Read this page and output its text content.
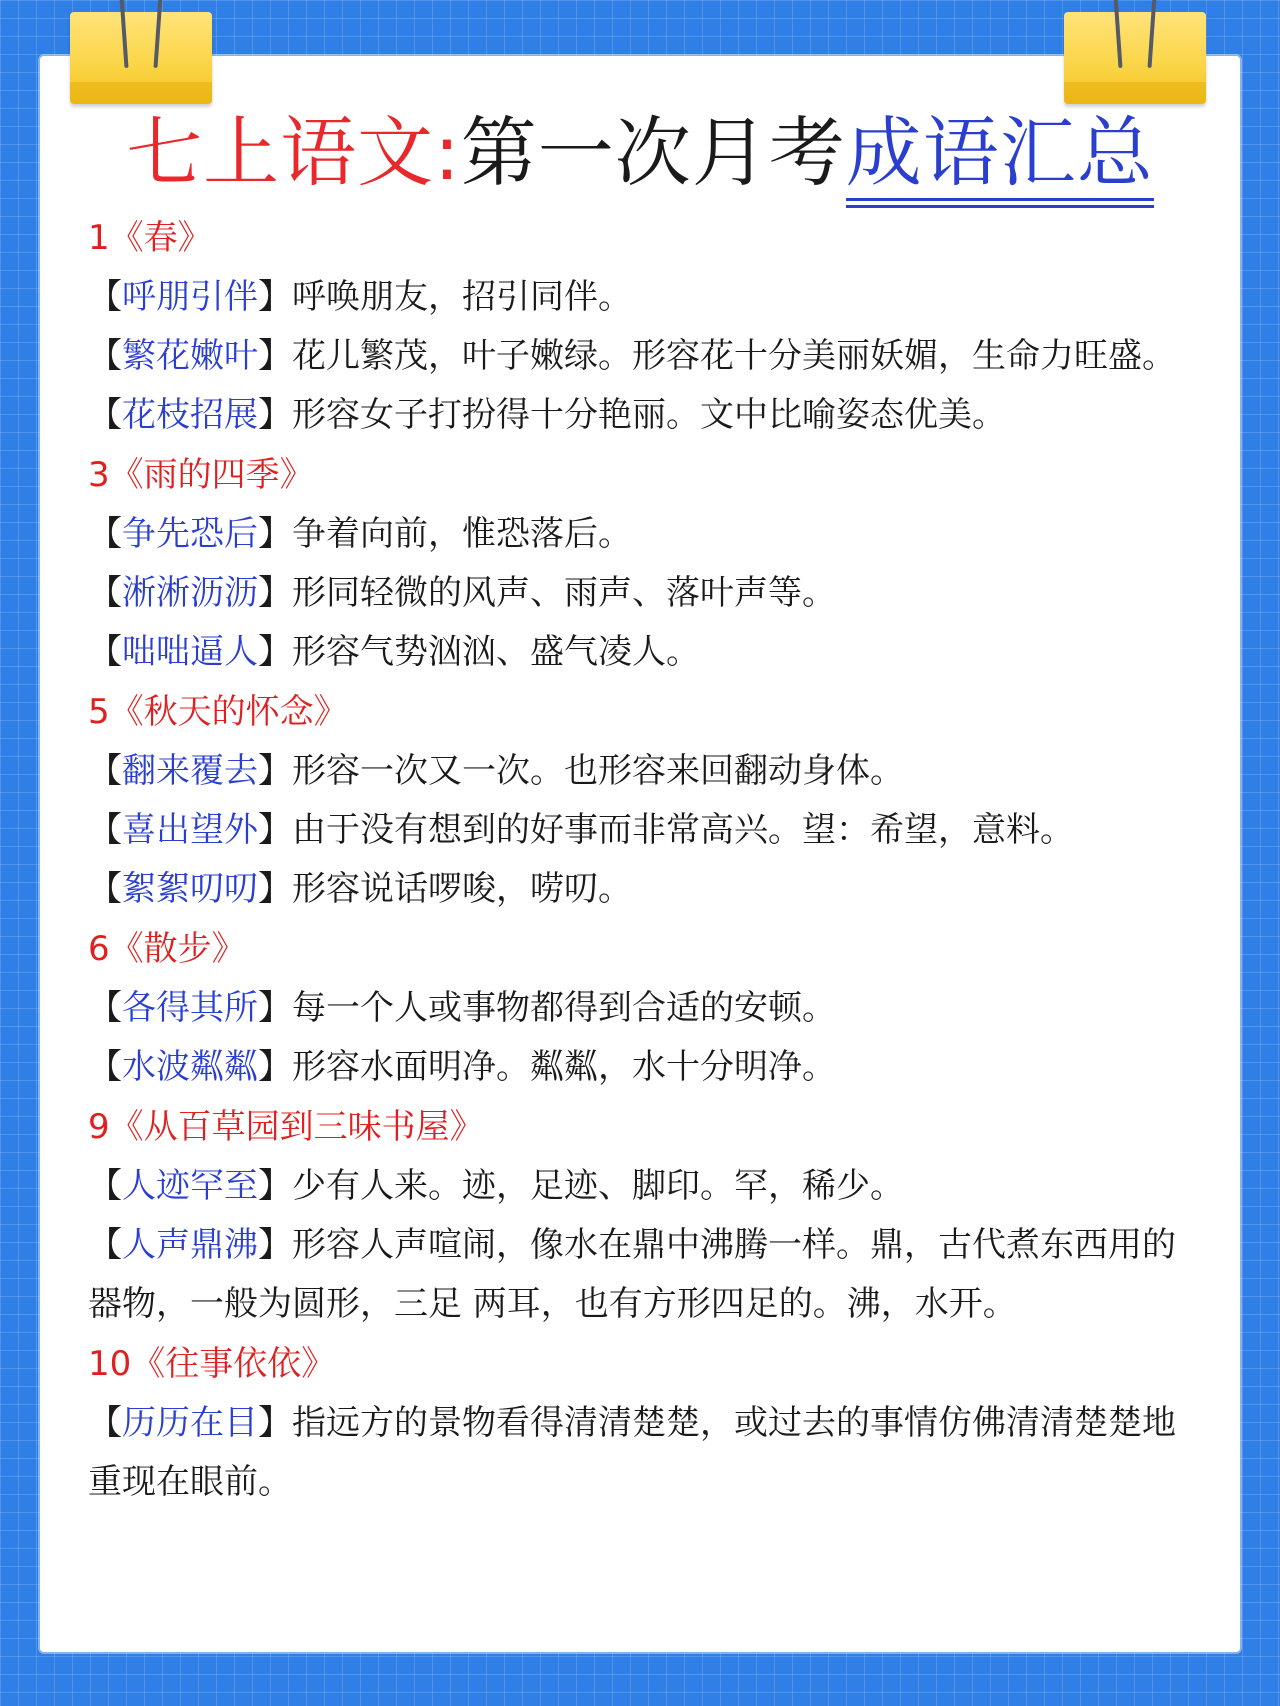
七上语文:第一次月考成语汇总
1《春》
【呼朋引伴】呼唤朋友，招引同伴。
【繁花嫩叶】花儿繁茂，叶子嫩绿。形容花十分美丽妖媚，生命力旺盛。
【花枝招展】形容女子打扮得十分艳丽。文中比喻姿态优美。
3《雨的四季》
【争先恐后】争着向前，惟恐落后。
【淅淅沥沥】形同轻微的风声、雨声、落叶声等。
【咄咄逼人】形容气势汹汹、盛气凌人。
5《秋天的怀念》
【翻来覆去】形容一次又一次。也形容来回翻动身体。
【喜出望外】由于没有想到的好事而非常高兴。望：希望，意料。
【絮絮叨叨】形容说话啰唆，唠叨。
6《散步》
【各得其所】每一个人或事物都得到合适的安顿。
【水波粼粼】形容水面明净。粼粼，水十分明净。
9《从百草园到三味书屋》
【人迹罕至】少有人来。迹，足迹、脚印。罕，稀少。
【人声鼎沸】形容人声喧闹，像水在鼎中沸腾一样。鼎，古代煮东西用的器物，一般为圆形，三足 两耳，也有方形四足的。沸，水开。
10《往事依依》
【历历在目】指远方的景物看得清清楚楚，或过去的事情仿佛清清楚楚地重现在眼前。
